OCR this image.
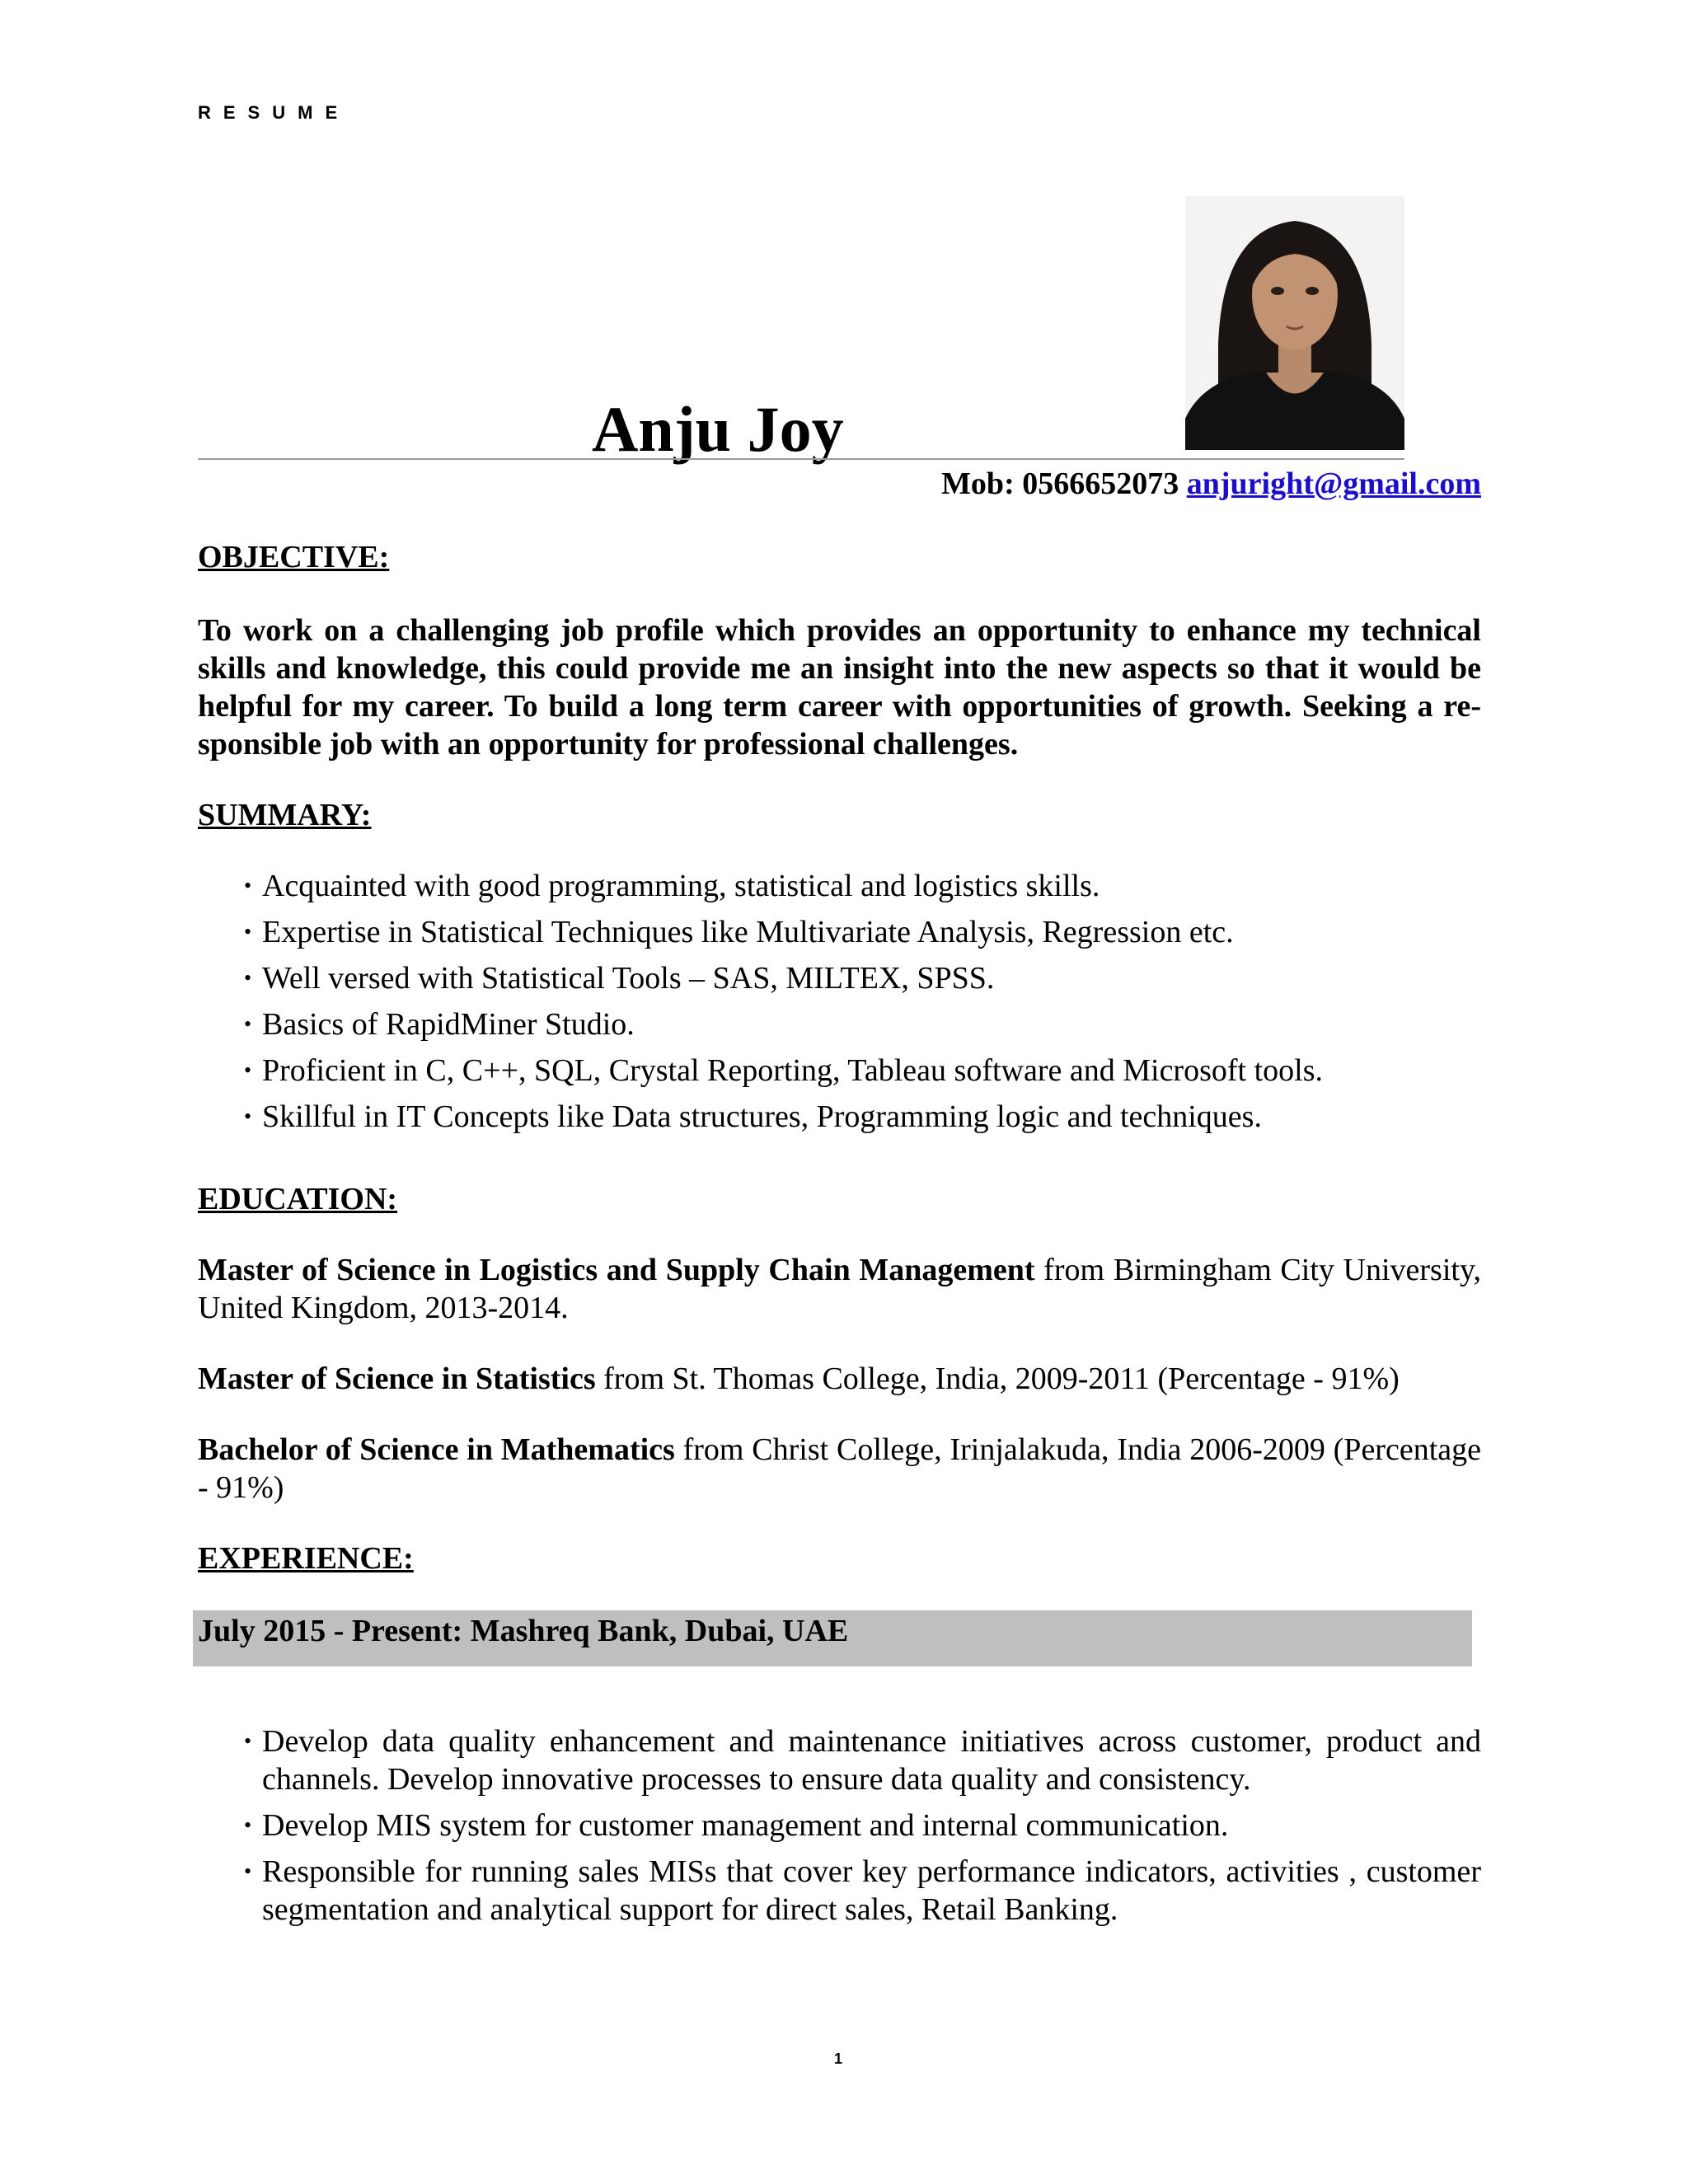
RESUME
Anju Joy
Mob: 0566652073 anjuright@gmail.com
OBJECTIVE:
To work on a challenging job profile which provides an opportunity to enhance my technical skills and knowledge, this could provide me an insight into the new aspects so that it would be helpful for my career. To build a long term career with opportunities of growth. Seeking a re-sponsible job with an opportunity for professional challenges.
SUMMARY:
• Acquainted with good programming, statistical and logistics skills.
• Expertise in Statistical Techniques like Multivariate Analysis, Regression etc.
• Well versed with Statistical Tools – SAS, MILTEX, SPSS.
• Basics of RapidMiner Studio.
• Proficient in C, C++, SQL, Crystal Reporting, Tableau software and Microsoft tools.
• Skillful in IT Concepts like Data structures, Programming logic and techniques.
EDUCATION:
Master of Science in Logistics and Supply Chain Management from Birmingham City University, United Kingdom, 2013-2014.
Master of Science in Statistics from St. Thomas College, India, 2009-2011 (Percentage - 91%)
Bachelor of Science in Mathematics from Christ College, Irinjalakuda, India 2006-2009 (Percentage - 91%)
EXPERIENCE:
July 2015 - Present: Mashreq Bank, Dubai, UAE
• Develop data quality enhancement and maintenance initiatives across customer, product and channels. Develop innovative processes to ensure data quality and consistency.
• Develop MIS system for customer management and internal communication.
• Responsible for running sales MISs that cover key performance indicators, activities , customer segmentation and analytical support for direct sales, Retail Banking.
1
